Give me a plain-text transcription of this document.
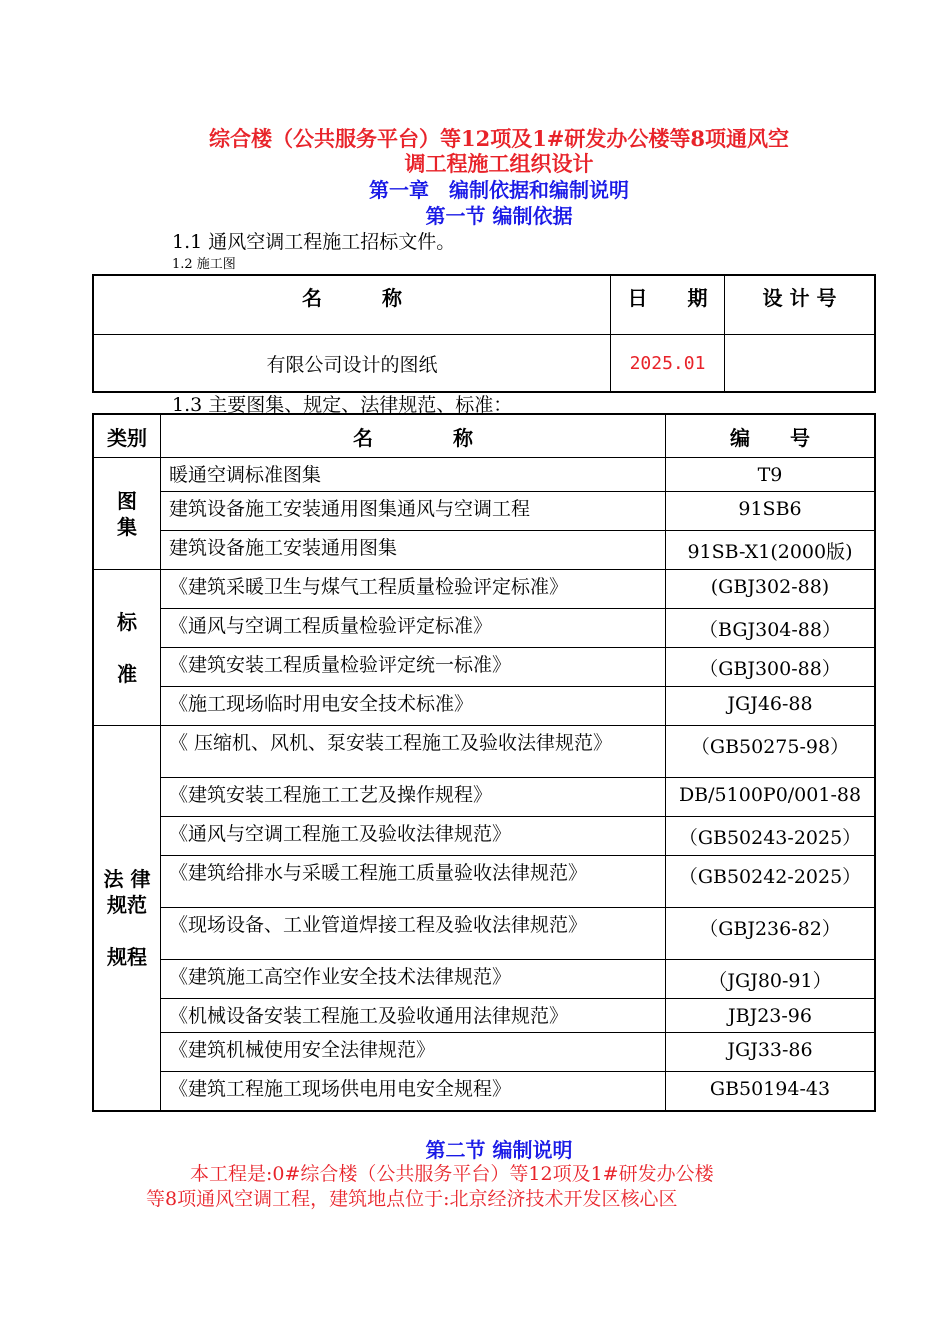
综合楼（公共服务平台）等12项及1#研发办公楼等8项通风空
调工程施工组织设计
第一章　编制依据和编制说明
第一节 编制依据
1.1 通风空调工程施工招标文件。
1.2 施工图
名　　　称	日　　期	设 计 号
有限公司设计的图纸	2025.01	
1.3 主要图集、规定、法律规范、标准：
类别	名　　　　称	编　　号
图
集	暖通空调标准图集	T9
	建筑设备施工安装通用图集通风与空调工程	91SB6
	建筑设备施工安装通用图集	91SB-X1(2000版)
标

准	《建筑采暖卫生与煤气工程质量检验评定标准》	(GBJ302-88)
	《通风与空调工程质量检验评定标准》	（BGJ304-88）
	《建筑安装工程质量检验评定统一标准》	（GBJ300-88）
	《施工现场临时用电安全技术标准》	JGJ46-88
法 律
规范

规程	《 压缩机、风机、泵安装工程施工及验收法律规范》	（GB50275-98）
	《建筑安装工程施工工艺及操作规程》	DB/5100P0/001-88
	《通风与空调工程施工及验收法律规范》	（GB50243-2025）
	《建筑给排水与采暖工程施工质量验收法律规范》	（GB50242-2025）
	《现场设备、工业管道焊接工程及验收法律规范》	（GBJ236-82）
	《建筑施工高空作业安全技术法律规范》	（JGJ80-91）
	《机械设备安装工程施工及验收通用法律规范》	JBJ23-96
	《建筑机械使用安全法律规范》	JGJ33-86
	《建筑工程施工现场供电用电安全规程》	GB50194-43
第二节 编制说明
本工程是:0#综合楼（公共服务平台）等12项及1#研发办公楼
等8项通风空调工程，建筑地点位于:北京经济技术开发区核心区
